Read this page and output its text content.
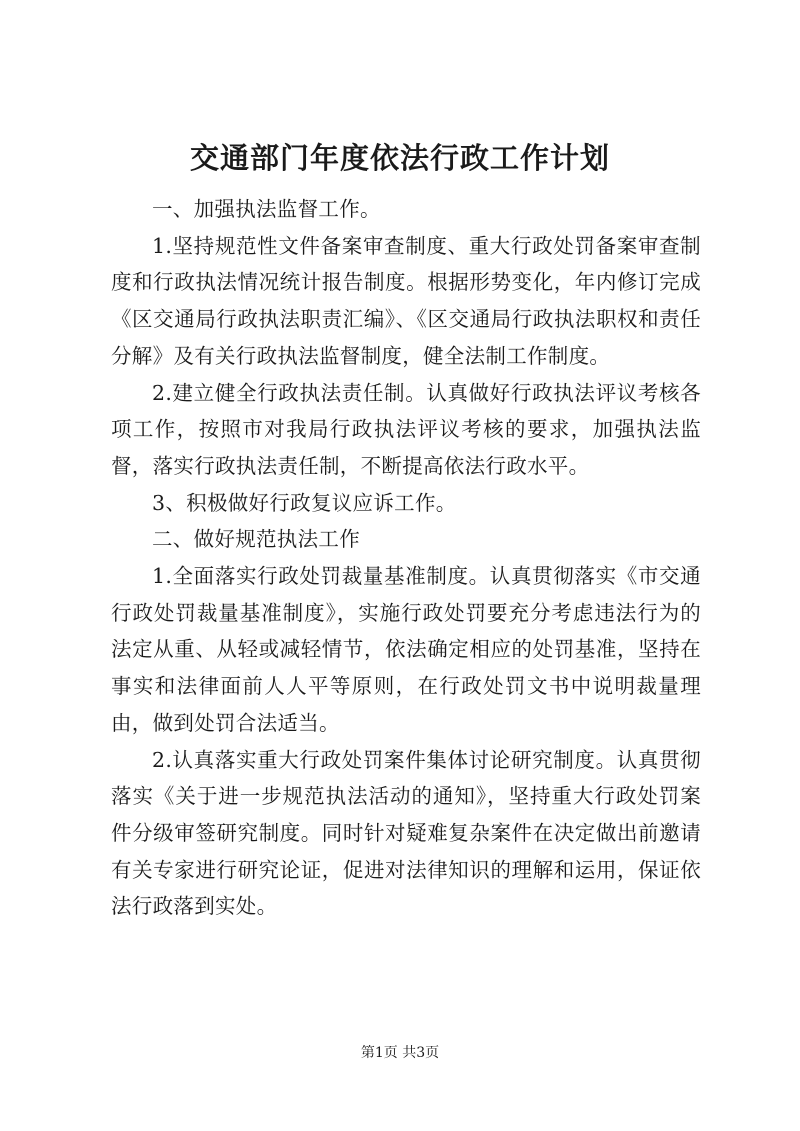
交通部门年度依法行政工作计划

一、加强执法监督工作。

1.坚持规范性文件备案审查制度、重大行政处罚备案审查制度和行政执法情况统计报告制度。根据形势变化，年内修订完成《区交通局行政执法职责汇编》、《区交通局行政执法职权和责任分解》及有关行政执法监督制度，健全法制工作制度。

2.建立健全行政执法责任制。认真做好行政执法评议考核各项工作，按照市对我局行政执法评议考核的要求，加强执法监督，落实行政执法责任制，不断提高依法行政水平。

3、积极做好行政复议应诉工作。

二、做好规范执法工作

1.全面落实行政处罚裁量基准制度。认真贯彻落实《市交通行政处罚裁量基准制度》，实施行政处罚要充分考虑违法行为的法定从重、从轻或减轻情节，依法确定相应的处罚基准，坚持在事实和法律面前人人平等原则，在行政处罚文书中说明裁量理由，做到处罚合法适当。

2.认真落实重大行政处罚案件集体讨论研究制度。认真贯彻落实《关于进一步规范执法活动的通知》，坚持重大行政处罚案件分级审签研究制度。同时针对疑难复杂案件在决定做出前邀请有关专家进行研究论证，促进对法律知识的理解和运用，保证依法行政落到实处。

第1页 共3页
